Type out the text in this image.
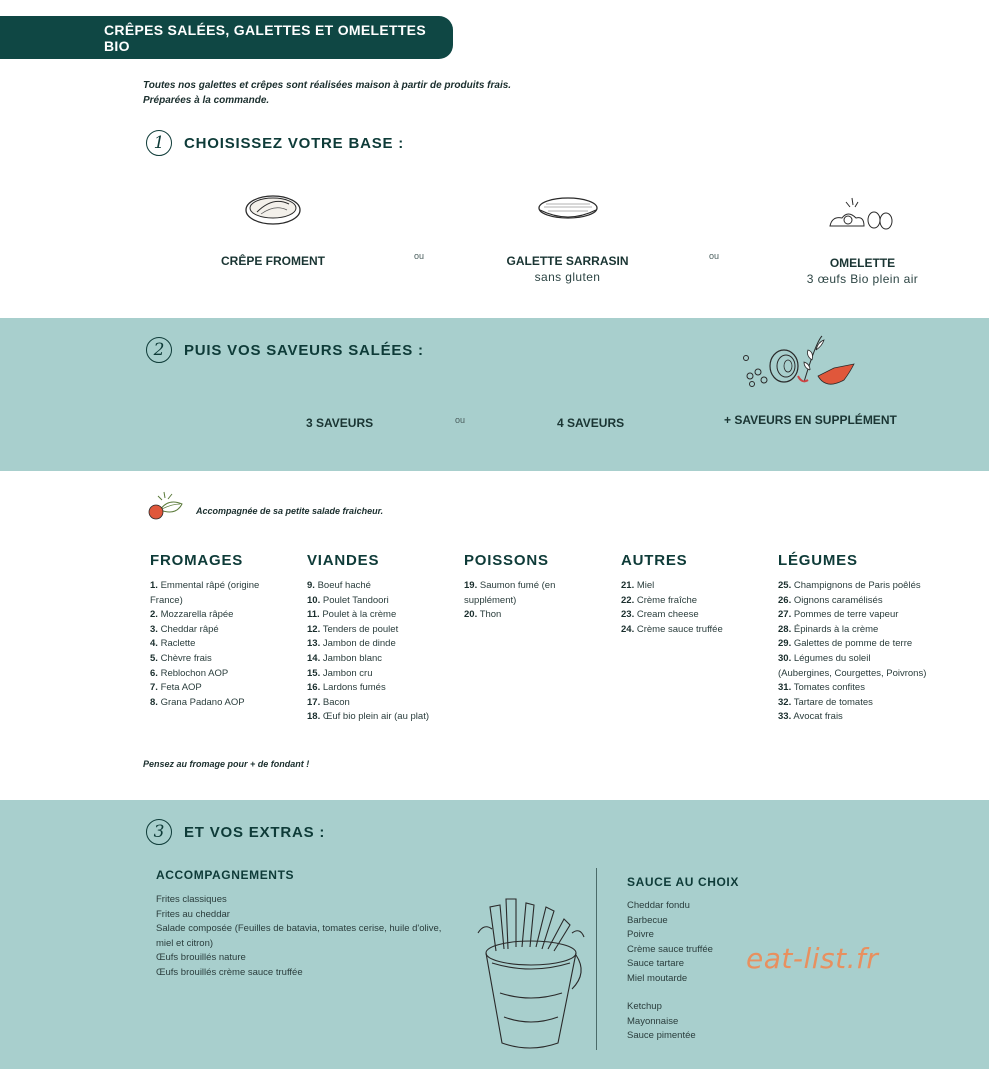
CRÊPES SALÉES, GALETTES ET OMELETTES BIO
Toutes nos galettes et crêpes sont réalisées maison à partir de produits frais.
Préparées à la commande.
1	CHOISISSEZ VOTRE BASE :
CRÊPE FROMENT	ou	GALETTE SARRASIN
sans gluten
ou	OMELETTE
3 œufs Bio plein air
2	PUIS VOS SAVEURS SALÉES :
3 SAVEURS	ou	4 SAVEURS	+ SAVEURS EN SUPPLÉMENT
Accompagnée de sa petite salade fraicheur.
FROMAGES
1. Emmental râpé (origine
France)
2. Mozzarella râpée
3. Cheddar râpé
4. Raclette
5. Chèvre frais
6. Reblochon AOP
7. Feta AOP
8. Grana Padano AOP
VIANDES
9. Boeuf haché
10. Poulet Tandoori
11. Poulet à la crème
12. Tenders de poulet
13. Jambon de dinde
14. Jambon blanc
15. Jambon cru
16. Lardons fumés
17. Bacon
18. Œuf bio plein air (au plat)
POISSONS
19. Saumon fumé (en
supplément)
20. Thon
AUTRES
21. Miel
22. Crème fraîche
23. Cream cheese
24. Crème sauce truffée
LÉGUMES
25. Champignons de Paris poêlés
26. Oignons caramélisés
27. Pommes de terre vapeur
28. Épinards à la crème
29. Galettes de pomme de terre
30. Légumes du soleil
(Aubergines, Courgettes, Poivrons)
31. Tomates confites
32. Tartare de tomates
33. Avocat frais
Pensez au fromage pour + de fondant !
3	ET VOS EXTRAS :
ACCOMPAGNEMENTS
Frites classiques
Frites au cheddar
Salade composée (Feuilles de batavia, tomates cerise, huile d'olive,
miel et citron)
Œufs brouillés nature
Œufs brouillés crème sauce truffée
SAUCE AU CHOIX
Cheddar fondu
Barbecue
Poivre
Crème sauce truffée
Sauce tartare
Miel moutarde
Ketchup
Mayonnaise
Sauce pimentée
eat-list.fr
